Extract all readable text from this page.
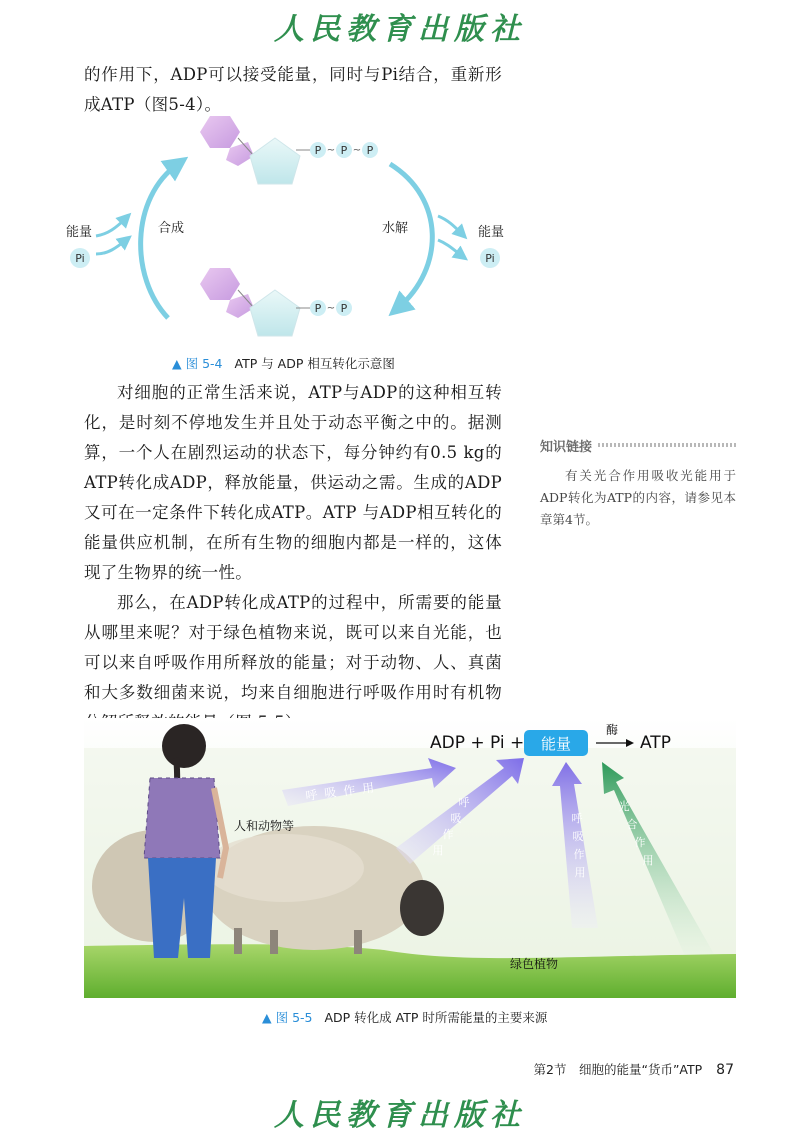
人民教育出版社

的作用下，ADP可以接受能量，同时与Pi结合，重新形成ATP（图5-4）。

P ~ P ~ P
P ~ P
能量
Pi
合成	水解	能量
Pi
▲ 图 5-4 ATP 与 ADP 相互转化示意图

对细胞的正常生活来说，ATP与ADP的这种相互转化，是时刻不停地发生并且处于动态平衡之中的。据测算，一个人在剧烈运动的状态下，每分钟约有0.5 kg的ATP转化成ADP，释放能量，供运动之需。生成的ADP又可在一定条件下转化成ATP。ATP 与ADP相互转化的能量供应机制，在所有生物的细胞内都是一样的，这体现了生物界的统一性。

那么，在ADP转化成ATP的过程中，所需要的能量从哪里来呢？对于绿色植物来说，既可以来自光能，也可以来自呼吸作用所释放的能量；对于动物、人、真菌和大多数细菌来说，均来自细胞进行呼吸作用时有机物

知识链接
有关光合作用吸收光能用于ADP转化为ATP的内容，请参见本章第4节。
呼吸作用	呼
吸
作
用
呼
吸
作
用
光
合
作
用
ADP + Pi + 能量
酶
ATP
人和动物等
绿色植物
▲ 图 5-5 ADP 转化成 ATP 时所需能量的主要来源
第2节　细胞的能量“货币”ATP 87
人民教育出版社
